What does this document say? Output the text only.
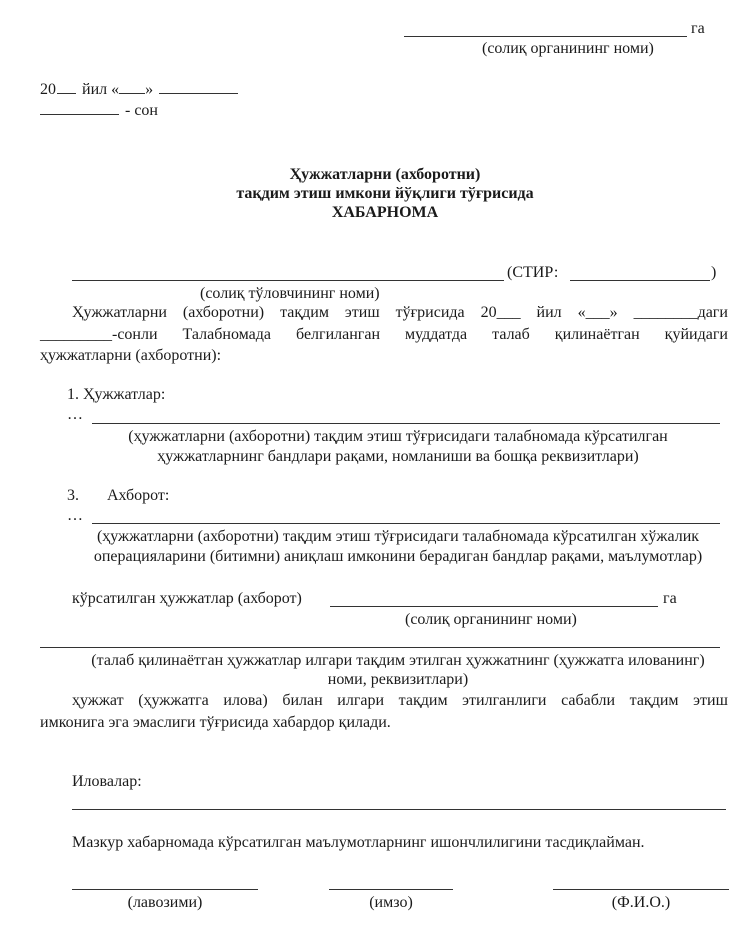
га
(солиқ органининг номи)
20 йил « »
- сон
Ҳужжатларни (ахборотни)
тақдим этиш имкони йўқлиги тўғрисида
ХАБАРНОМА
(СТИР:	)
(солиқ тўловчининг номи)
Ҳужжатларни (ахборотни) тақдим этиш тўғрисида 20___ йил «___» ________даги
_________-сонли Талабномада белгиланган муддатда талаб қилинаётган қуйидаги
ҳужжатларни (ахборотни):
1. Ҳужжатлар:
…
(ҳужжатларни (ахборотни) тақдим этиш тўғрисидаги талабномада кўрсатилган
ҳужжатларнинг бандлари рақами, номланиши ва бошқа реквизитлари)
3. Ахборот:
…
(ҳужжатларни (ахборотни) тақдим этиш тўғрисидаги талабномада кўрсатилган хўжалик
операцияларини (битимни) аниқлаш имконини берадиган бандлар рақами, маълумотлар)
кўрсатилган ҳужжатлар (ахборот)	га
(солиқ органининг номи)
(талаб қилинаётган ҳужжатлар илгари тақдим этилган ҳужжатнинг (ҳужжатга илованинг)
номи, реквизитлари)
ҳужжат (ҳужжатга илова) билан илгари тақдим этилганлиги сабабли тақдим этиш
имконига эга эмаслиги тўғрисида хабардор қилади.
Иловалар:
Мазкур хабарномада кўрсатилган маълумотларнинг ишончлилигини тасдиқлайман.
(лавозими)	(имзо)	(Ф.И.О.)
